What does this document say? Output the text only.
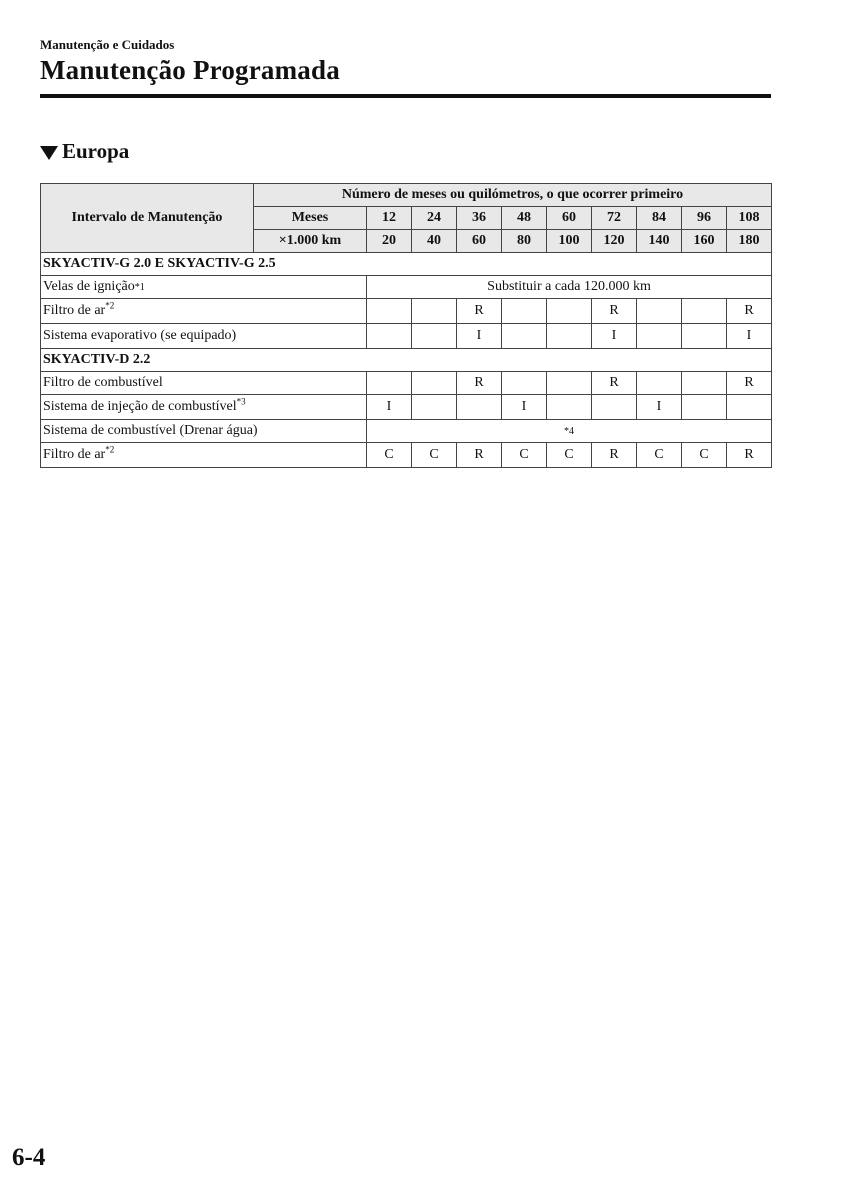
Manutenção e Cuidados
Manutenção Programada
Europa
Intervalo de Manutenção	Número de meses ou quilómetros, o que ocorrer primeiro									
	Meses	12	24	36	48	60	72	84	96	108
	×1.000 km	20	40	60	80	100	120	140	160	180
SKYACTIV-G 2.0 E SKYACTIV-G 2.5										
Velas de ignição*1		Substituir a cada 120.000 km								
Filtro de $ar^{*2}$				R			R			R
Sistema evaporativo (se equipado)				I			I			I
SKYACTIV-D 2.2										
Filtro de combustível				R			R			R
Sistema de injeção de combustível$^{*3}$		I			I			I		
Sistema de combustível (Drenar água)		*4								
Filtro de $ar^{*2}$		C	C	R	C	C	R	C	C	R
6-4
